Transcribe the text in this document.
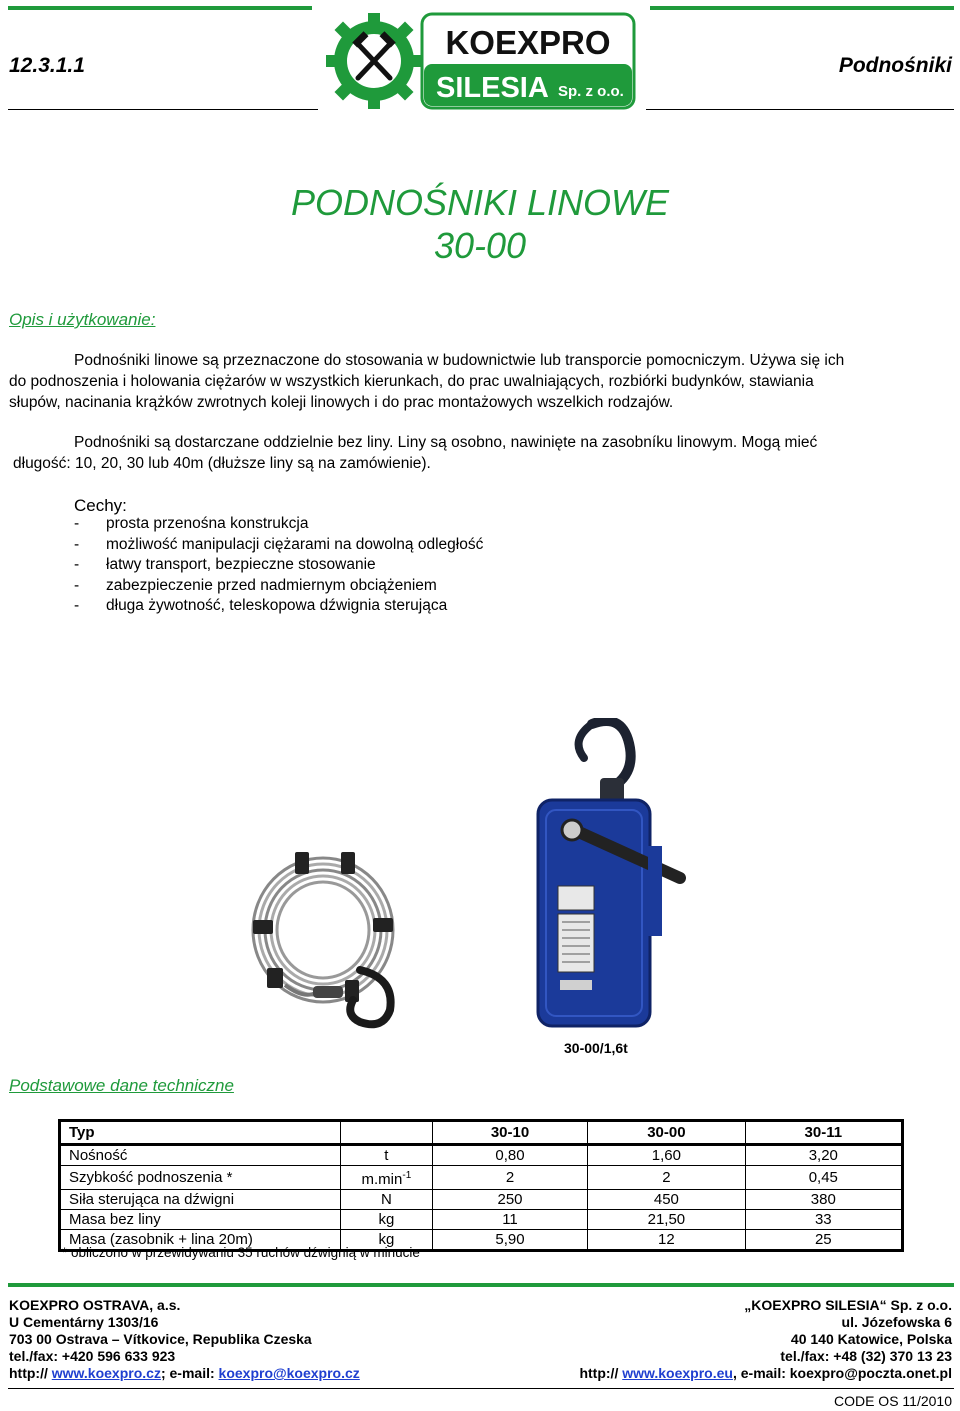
12.3.1.1	Podnośniki
KOEXPRO
SILESIA Sp. z o.o.
PODNOŚNIKI LINOWE
30-00
Opis i użytkowanie:
Podnośniki linowe są przeznaczone do stosowania w budownictwie lub transporcie pomocniczym. Używa się ich
do podnoszenia i holowania ciężarów w wszystkich kierunkach, do prac uwalniających, rozbiórki budynków, stawiania
słupów, nacinania krążków zwrotnych koleji linowych i do prac montażowych wszelkich rodzajów.
Podnośniki są dostarczane oddzielnie bez liny. Liny są osobno, nawinięte na zasobníku linowym. Mogą mieć
długość: 10, 20, 30 lub 40m (dłuższe liny są na zamówienie).
Cechy:
- prosta przenośna konstrukcja
- możliwość manipulacji ciężarami na dowolną odległość
- łatwy transport, bezpieczne stosowanie
- zabezpieczenie przed nadmiernym obciążeniem
- długa żywotność, teleskopowa dźwignia sterująca
30-00/1,6t
Podstawowe dane techniczne
Typ		30-10	30-00	30-11
Nośność	t	0,80	1,60	3,20
Szybkość podnoszenia *	$m.\min^{-1}$	2	2	0,45
Siła sterująca na dźwigni	N	250	450	380
Masa bez liny	kg	11	21,50	33
Masa (zasobnik + lina 20m)	kg	5,90	12	25
* obliczono w przewidywaniu 35 ruchów dźwignią w minucie
KOEXPRO OSTRAVA, a.s.
U Cementárny 1303/16
703 00 Ostrava – Vítkovice, Republika Czeska
tel./fax: +420 596 633 923
http:// www.koexpro.cz; e-mail: koexpro@koexpro.cz
„KOEXPRO SILESIA“ Sp. z o.o.
ul. Józefowska 6
40 140 Katowice, Polska
tel./fax: +48 (32) 370 13 23
http:// www.koexpro.eu, e-mail: koexpro@poczta.onet.pl
CODE OS 11/2010
